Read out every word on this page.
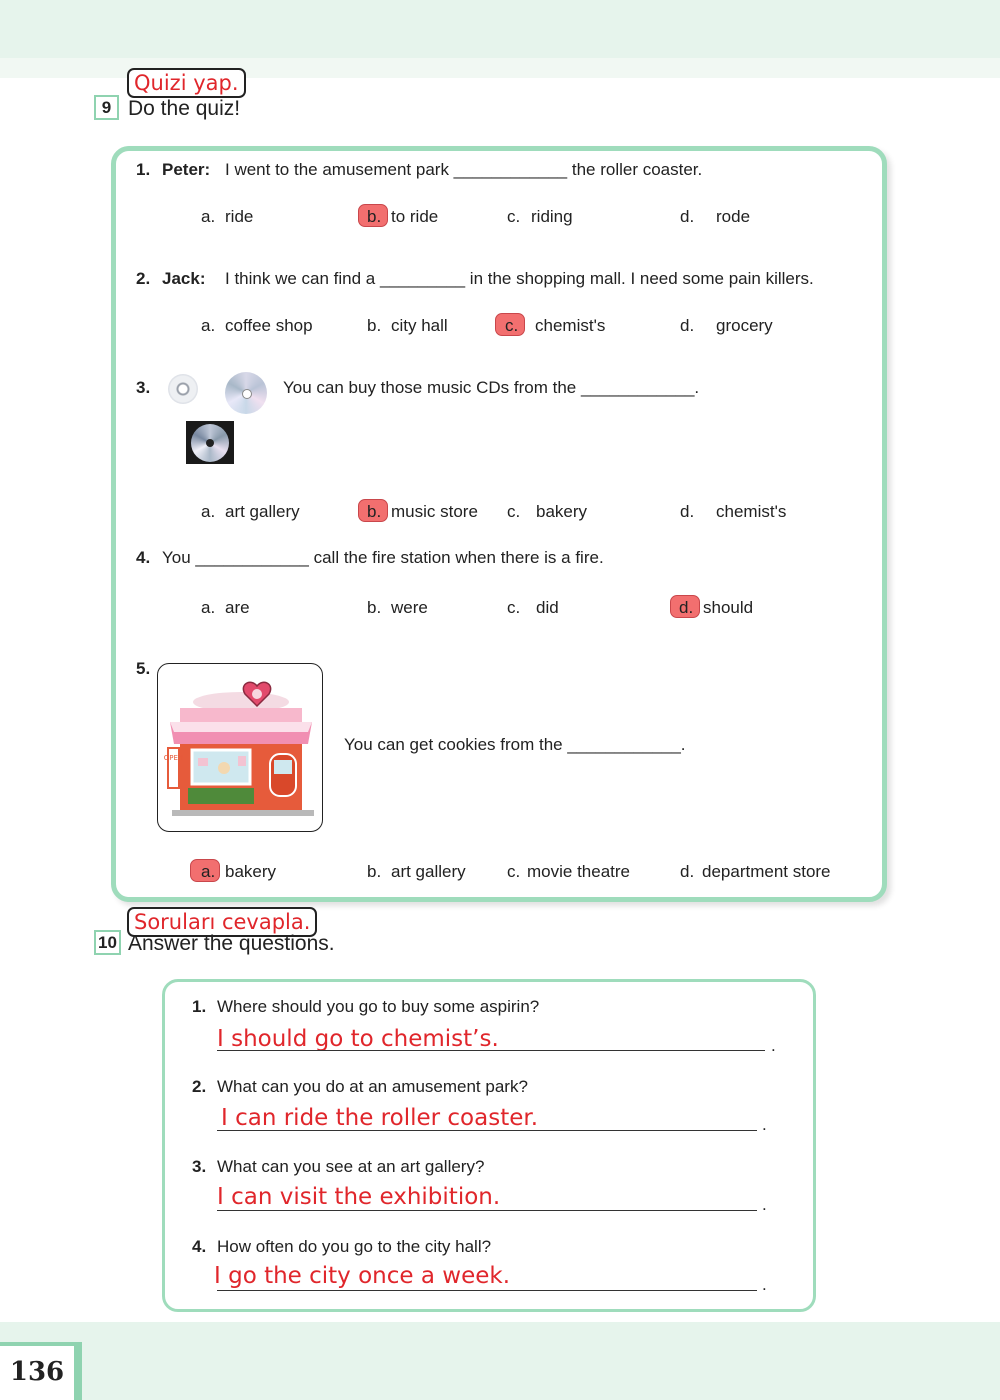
Quizi yap.
9 Do the quiz!
1. Peter: I went to the amusement park ____________ the roller coaster.
a. ride	b. to ride	c. riding	d. rode
2. Jack: I think we can find a _________ in the shopping mall. I need some pain killers.
a. coffee shop	b. city hall	c. chemist's	d. grocery
3.	You can buy those music CDs from the ____________.
a. art gallery	b. music store c. bakery	d. chemist's
4. You ____________ call the fire station when there is a fire.
a. are	b. were	c. did	d. should
5.
OPEN
You can get cookies from the ____________.
a. bakery	b. art gallery c. movie theatre	d. department store
Soruları cevapla.
10 Answer the questions.
1. Where should you go to buy some aspirin?
I should go to chemist’s.	.
2. What can you do at an amusement park?
I can ride the roller coaster.	.
3. What can you see at an art gallery?
I can visit the exhibition.	.
4. How often do you go to the city hall?
I go the city once a week.	.
136
